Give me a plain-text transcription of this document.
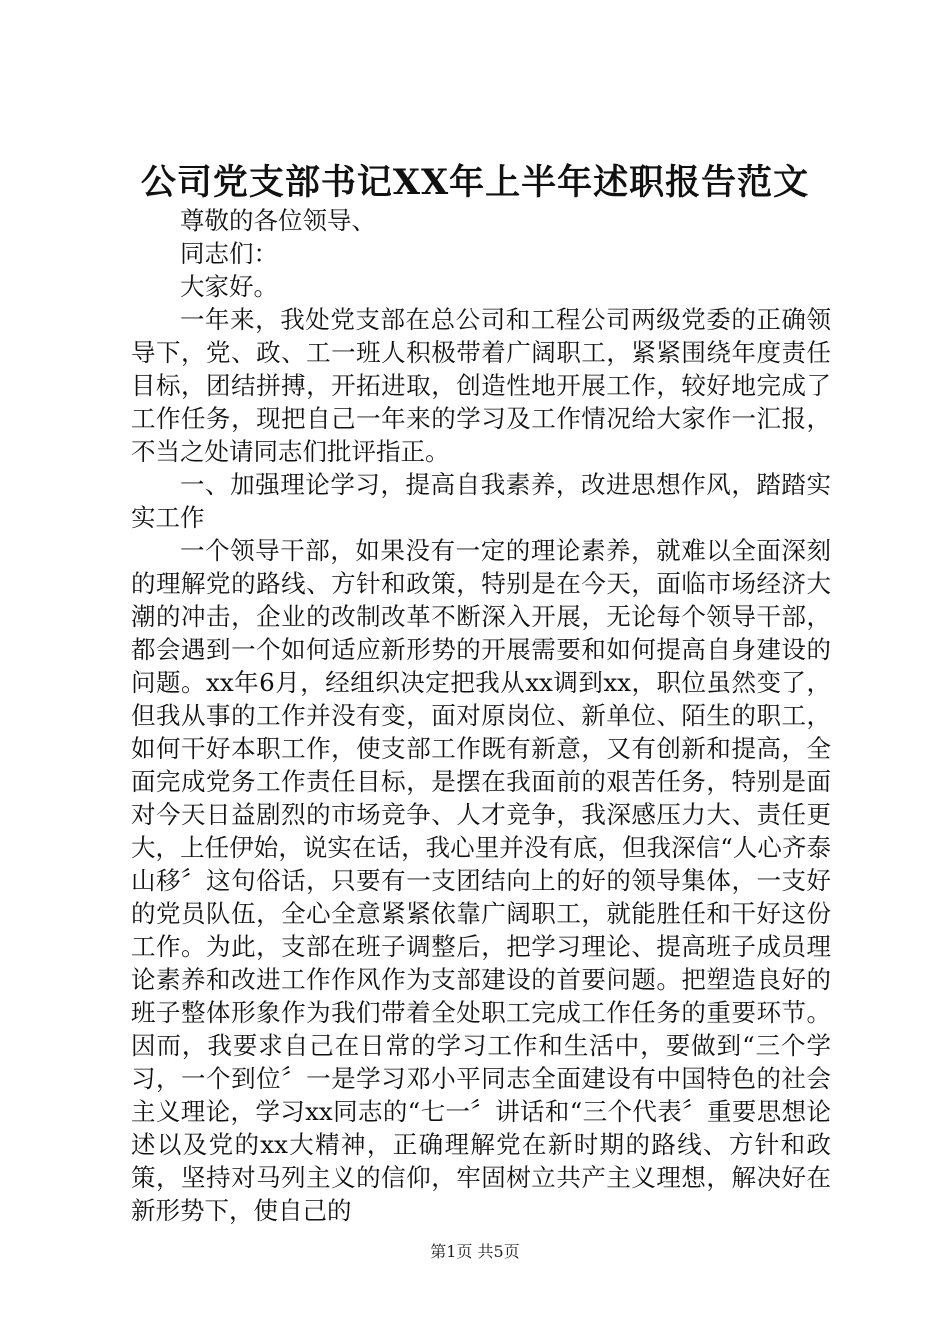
公司党支部书记XX年上半年述职报告范文

尊敬的各位领导、

同志们：

大家好。

一年来，我处党支部在总公司和工程公司两级党委的正确领导下，党、政、工一班人积极带着广阔职工，紧紧围绕年度责任目标，团结拼搏，开拓进取，创造性地开展工作，较好地完成了工作任务，现把自己一年来的学习及工作情况给大家作一汇报，不当之处请同志们批评指正。

一、加强理论学习，提高自我素养，改进思想作风，踏踏实实工作

一个领导干部，如果没有一定的理论素养，就难以全面深刻的理解党的路线、方针和政策，特别是在今天，面临市场经济大潮的冲击，企业的改制改革不断深入开展，无论每个领导干部，都会遇到一个如何适应新形势的开展需要和如何提高自身建设的问题。xx年6月，经组织决定把我从xx调到xx，职位虽然变了，但我从事的工作并没有变，面对原岗位、新单位、陌生的职工，如何干好本职工作，使支部工作既有新意，又有创新和提高，全面完成党务工作责任目标，是摆在我面前的艰苦任务，特别是面对今天日益剧烈的市场竞争、人才竞争，我深感压力大、责任更大，上任伊始，说实在话，我心里并没有底，但我深信“人心齐泰山移〞这句俗话，只要有一支团结向上的好的领导集体，一支好的党员队伍，全心全意紧紧依靠广阔职工，就能胜任和干好这份工作。为此，支部在班子调整后，把学习理论、提高班子成员理论素养和改进工作作风作为支部建设的首要问题。把塑造良好的班子整体形象作为我们带着全处职工完成工作任务的重要环节。因而，我要求自己在日常的学习工作和生活中，要做到“三个学习，一个到位〞一是学习邓小平同志全面建设有中国特色的社会主义理论，学习xx同志的“七一〞讲话和“三个代表〞重要思想论述以及党的xx大精神，正确理解党在新时期的路线、方针和政策，坚持对马列主义的信仰，牢固树立共产主义理想，解决好在新形势下，使自己的

第1页 共5页
